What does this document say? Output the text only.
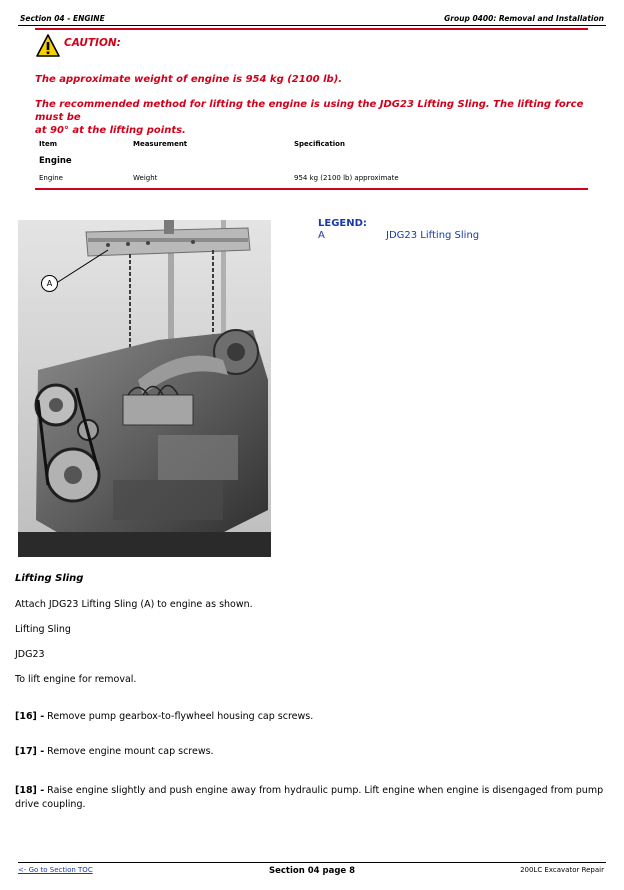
Section 04 - ENGINE	Group 0400: Removal and Installation
CAUTION:
The approximate weight of engine is 954 kg (2100 lb).
The recommended method for lifting the engine is using the JDG23 Lifting Sling. The lifting force must be
at 90° at the lifting points.
Item	Measurement	Specification
Engine
Engine	Weight	954 kg (2100 lb) approximate
A
LEGEND:
A	JDG23 Lifting Sling
Lifting Sling
Attach JDG23 Lifting Sling (A) to engine as shown.
Lifting Sling
JDG23
To lift engine for removal.
[16] - Remove pump gearbox-to-flywheel housing cap screws.
[17] - Remove engine mount cap screws.
[18] - Raise engine slightly and push engine away from hydraulic pump. Lift engine when engine is disengaged from pump
drive coupling.
<- Go to Section TOC	Section 04 page 8	200LC Excavator Repair
